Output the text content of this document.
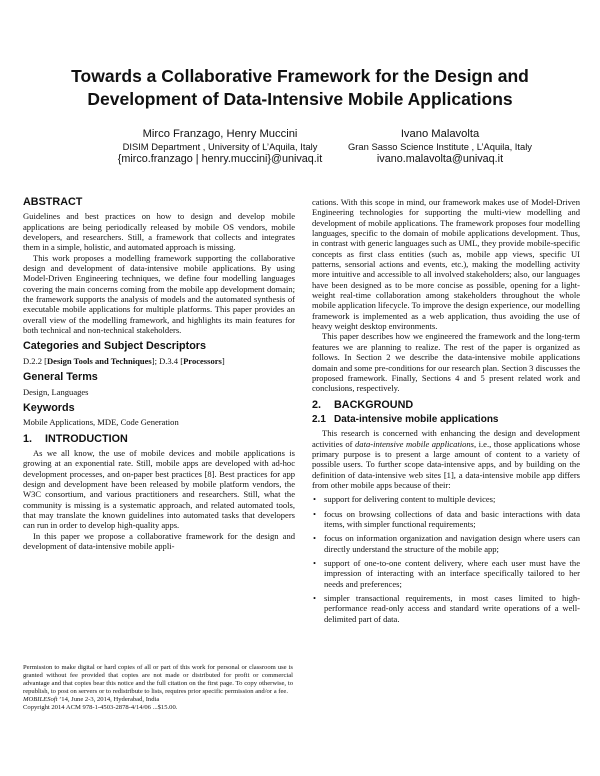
Towards a Collaborative Framework for the Design and Development of Data-Intensive Mobile Applications
Mirco Franzago, Henry Muccini
DISIM Department , University of L’Aquila, Italy
{mirco.franzago | henry.muccini}@univaq.it
Ivano Malavolta
Gran Sasso Science Institute , L’Aquila, Italy
ivano.malavolta@univaq.it
ABSTRACT

Guidelines and best practices on how to design and develop mobile applications are being periodically released by mobile OS vendors, mobile developers, and researchers. Still, a framework that collects and integrates them in a simple, holistic, and automated approach is missing.

This work proposes a modelling framework supporting the collaborative design and development of data-intensive mobile applications. By using Model-Driven Engineering techniques, we define four modelling languages covering the main concerns coming from the mobile app development domain; the framework supports the analysis of models and the automated synthesis of executable mobile applications for multiple platforms. This paper provides an overall view of the modelling framework, and highlights its main features for both technical and non-technical stakeholders.

Categories and Subject Descriptors

D.2.2 [Design Tools and Techniques]; D.3.4 [Processors]

General Terms

Design, Languages

Keywords

Mobile Applications, MDE, Code Generation

1. INTRODUCTION

As we all know, the use of mobile devices and mobile applications is growing at an exponential rate. Still, mobile apps are developed with ad-hoc development processes, and on-paper best practices [8]. Best practices for app design and development have been released by mobile platform vendors, the W3C consortium, and various practitioners and researchers. Still, what the community is missing is a systematic approach, and related automated tools, that may translate the known guidelines into automated tasks that developers can run in order to develop high-quality apps.

In this paper we propose a collaborative framework for the design and development of data-intensive mobile appli-

Permission to make digital or hard copies of all or part of this work for personal or classroom use is granted without fee provided that copies are not made or distributed for profit or commercial advantage and that copies bear this notice and the full citation on the first page. To copy otherwise, to republish, to post on servers or to redistribute to lists, requires prior specific permission and/or a fee.
MOBILESoft ’14, June 2-3, 2014, Hyderabad, India
Copyright 2014 ACM 978-1-4503-2878-4/14/06 ...$15.00.

cations. With this scope in mind, our framework makes use of Model-Driven Engineering technologies for supporting the multi-view modelling and development of mobile applications. The framework proposes four modelling languages, specific to the domain of mobile applications development. Thus, in contrast with generic languages such as UML, they provide mobile-specific concepts as first class entities (such as, mobile app views, specific UI patterns, sensorial actions and events, etc.), making the modelling activity more intuitive and accessible to all involved stakeholders; also, our languages have been designed as to be more concise as possible, opening for a light-weight real-time collaboration among stakeholders throughout the whole mobile application lifecycle. To improve the design experience, our modelling framework is implemented as a web application, thus avoiding the use of heavy weight desktop environments.

This paper describes how we engineered the framework and the long-term features we are planning to realize. The rest of the paper is organized as follows. In Section 2 we describe the data-intensive mobile applications domain and some pre-conditions for our research plan. Section 3 discusses the proposed framework. Finally, Sections 4 and 5 present related work and conclusions, respectively.

2. BACKGROUND
2.1 Data-intensive mobile applications

This research is concerned with enhancing the design and development activities of data-intensive mobile applications, i.e., those applications whose primary purpose is to present a large amount of content to a variety of possible users. To further scope data-intensive apps, and by building on the definition of data-intensive web sites [1], a data-intensive mobile app differs from other mobile apps because of their:

• support for delivering content to multiple devices;
• focus on browsing collections of data and basic interactions with data items, with simpler functional requirements;
• focus on information organization and navigation design where users can directly understand the structure of the mobile app;
• support of one-to-one content delivery, where each user must have the impression of interacting with an interface specifically tailored to her needs and preferences;
• simpler transactional requirements, in most cases limited to high-performance read-only access and standard write operations of a well-delimited part of data.
